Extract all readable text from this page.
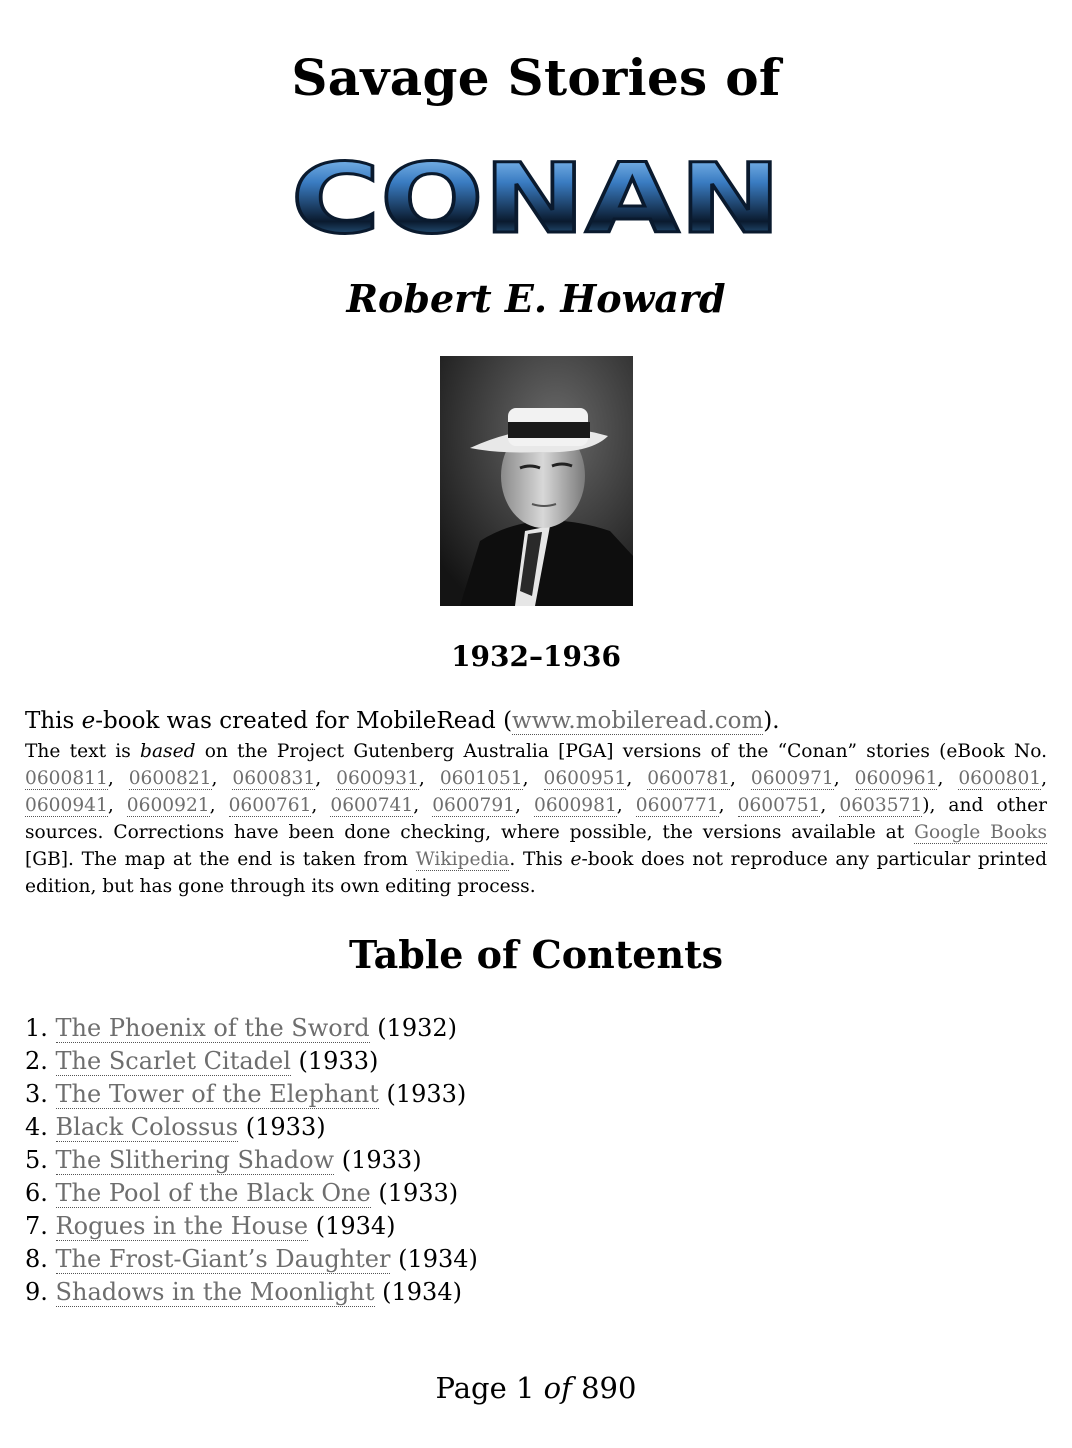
Savage Stories of
CONAN
Robert E. Howard
1932–1936

This e-book was created for MobileRead (www.mobileread.com).

The text is based on the Project Gutenberg Australia [PGA] versions of the “Conan” stories (eBook No. 0600811, 0600821, 0600831, 0600931, 0601051, 0600951, 0600781, 0600971, 0600961, 0600801, 0600941, 0600921, 0600761, 0600741, 0600791, 0600981, 0600771, 0600751, 0603571), and other sources. Corrections have been done checking, where possible, the versions available at Google Books [GB]. The map at the end is taken from Wikipedia. This e-book does not reproduce any particular printed edition, but has gone through its own editing process.

Table of Contents
1. The Phoenix of the Sword (1932)
2. The Scarlet Citadel (1933)
3. The Tower of the Elephant (1933)
4. Black Colossus (1933)
5. The Slithering Shadow (1933)
6. The Pool of the Black One (1933)
7. Rogues in the House (1934)
8. The Frost-Giant’s Daughter (1934)
9. Shadows in the Moonlight (1934)
Page 1 of 890
